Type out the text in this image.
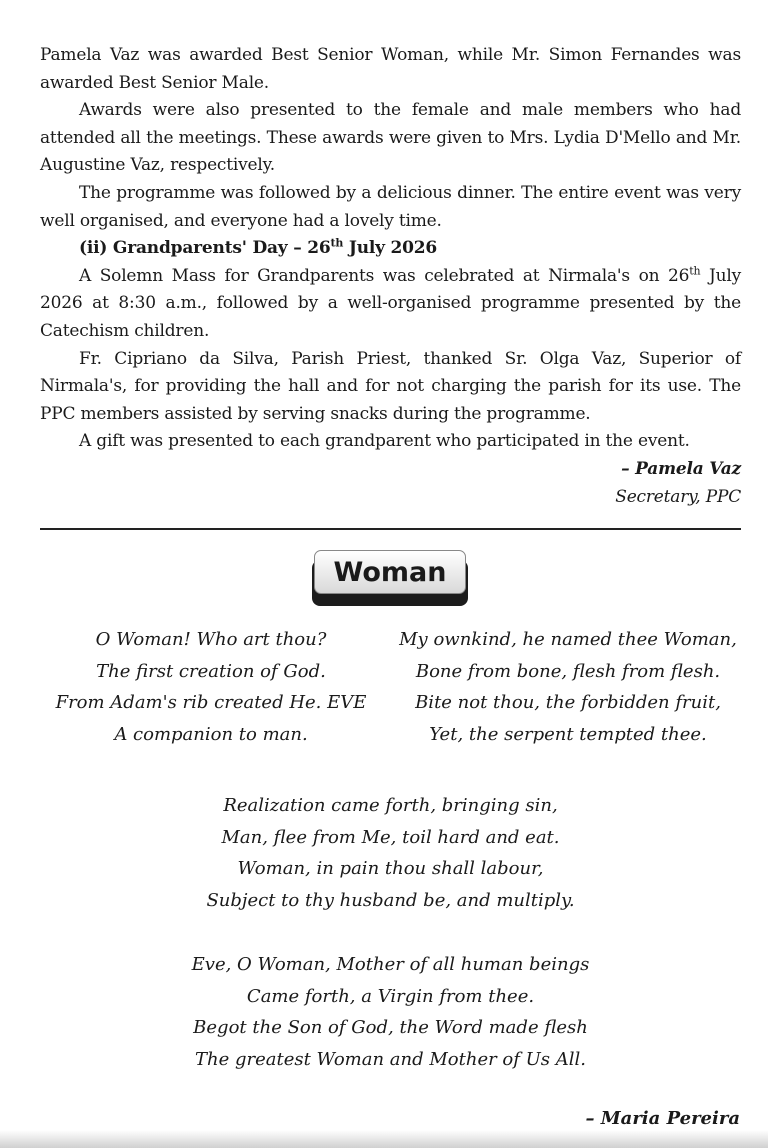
Pamela Vaz was awarded Best Senior Woman, while Mr. Simon Fernandes was awarded Best Senior Male.

Awards were also presented to the female and male members who had attended all the meetings. These awards were given to Mrs. Lydia D'Mello and Mr. Augustine Vaz, respectively.

The programme was followed by a delicious dinner. The entire event was very well organised, and everyone had a lovely time.

(ii) Grandparents' Day – 26th July 2026

A Solemn Mass for Grandparents was celebrated at Nirmala's on 26th July 2026 at 8:30 a.m., followed by a well-organised programme presented by the Catechism children.

Fr. Cipriano da Silva, Parish Priest, thanked Sr. Olga Vaz, Superior of Nirmala's, for providing the hall and for not charging the parish for its use. The PPC members assisted by serving snacks during the programme.

A gift was presented to each grandparent who participated in the event.

– Pamela Vaz

Secretary, PPC

Woman
O Woman! Who art thou?
The first creation of God.
From Adam's rib created He. EVE
A companion to man.
My ownkind, he named thee Woman,
Bone from bone, flesh from flesh.
Bite not thou, the forbidden fruit,
Yet, the serpent tempted thee.
Realization came forth, bringing sin,
Man, flee from Me, toil hard and eat.
Woman, in pain thou shall labour,
Subject to thy husband be, and multiply.
Eve, O Woman, Mother of all human beings
Came forth, a Virgin from thee.
Begot the Son of God, the Word made flesh
The greatest Woman and Mother of Us All.
– Maria Pereira
